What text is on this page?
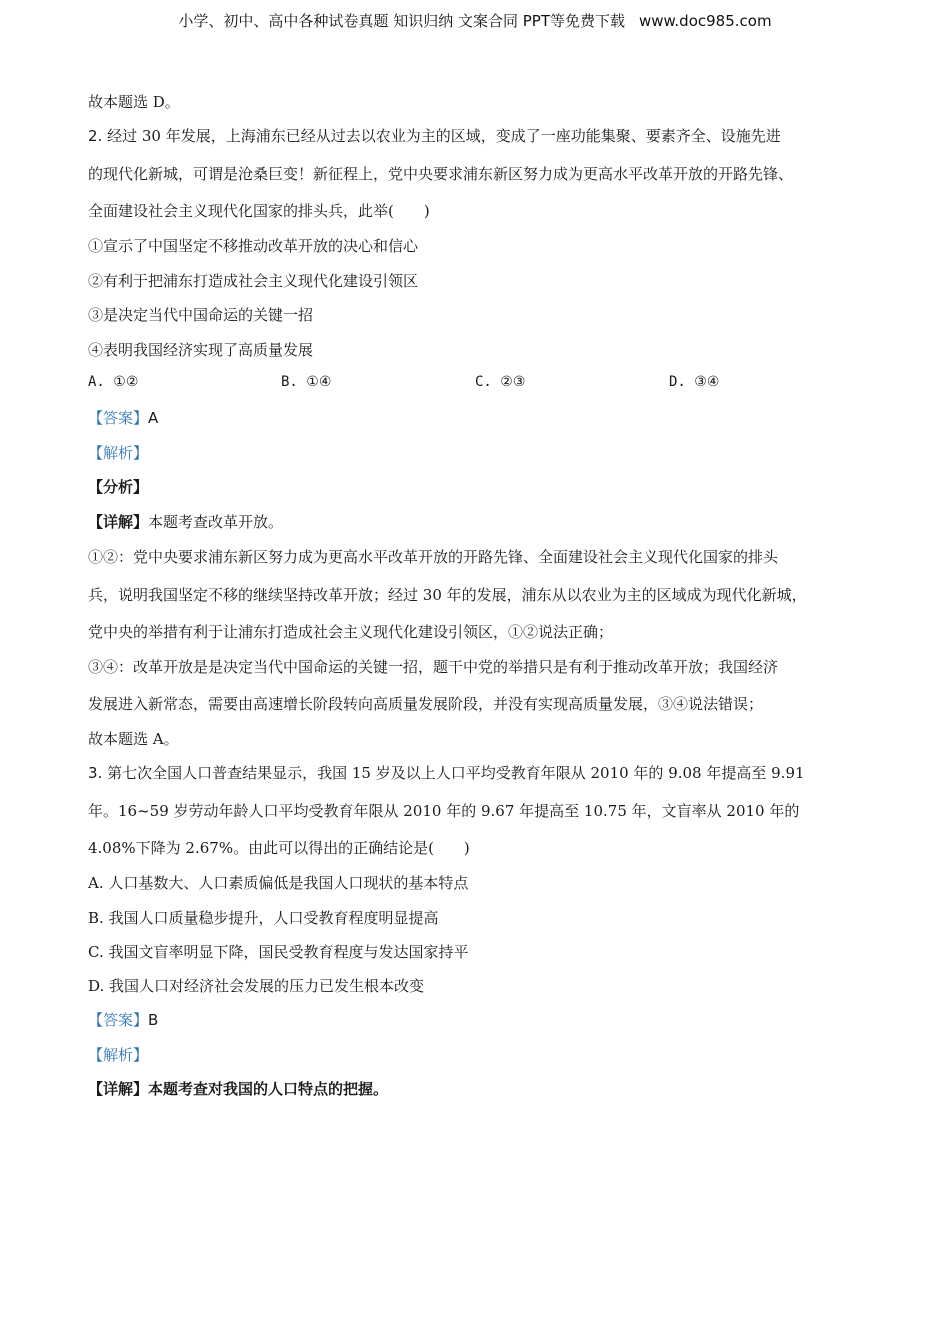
小学、初中、高中各种试卷真题 知识归纳 文案合同 PPT等免费下载 www.doc985.com
故本题选 D。
2. 经过 30 年发展，上海浦东已经从过去以农业为主的区域，变成了一座功能集聚、要素齐全、设施先进
的现代化新城，可谓是沧桑巨变！新征程上，党中央要求浦东新区努力成为更高水平改革开放的开路先锋、
全面建设社会主义现代化国家的排头兵，此举(　　)
①宣示了中国坚定不移推动改革开放的决心和信心
②有利于把浦东打造成社会主义现代化建设引领区
③是决定当代中国命运的关键一招
④表明我国经济实现了高质量发展
A. ①②	B. ①④	C. ②③	D. ③④
【答案】A
【解析】
【分析】
【详解】本题考查改革开放。
①②：党中央要求浦东新区努力成为更高水平改革开放的开路先锋、全面建设社会主义现代化国家的排头
兵，说明我国坚定不移的继续坚持改革开放；经过 30 年的发展，浦东从以农业为主的区域成为现代化新城，
党中央的举措有利于让浦东打造成社会主义现代化建设引领区，①②说法正确；
③④：改革开放是是决定当代中国命运的关键一招，题干中党的举措只是有利于推动改革开放；我国经济
发展进入新常态，需要由高速增长阶段转向高质量发展阶段，并没有实现高质量发展，③④说法错误；
故本题选 A。
3. 第七次全国人口普查结果显示，我国 15 岁及以上人口平均受教育年限从 2010 年的 9.08 年提高至 9.91
年。16~59 岁劳动年龄人口平均受教育年限从 2010 年的 9.67 年提高至 10.75 年，文盲率从 2010 年的
4.08%下降为 2.67%。由此可以得出的正确结论是(　　)
A. 人口基数大、人口素质偏低是我国人口现状的基本特点
B. 我国人口质量稳步提升，人口受教育程度明显提高
C. 我国文盲率明显下降，国民受教育程度与发达国家持平
D. 我国人口对经济社会发展的压力已发生根本改变
【答案】B
【解析】
【详解】本题考查对我国的人口特点的把握。
